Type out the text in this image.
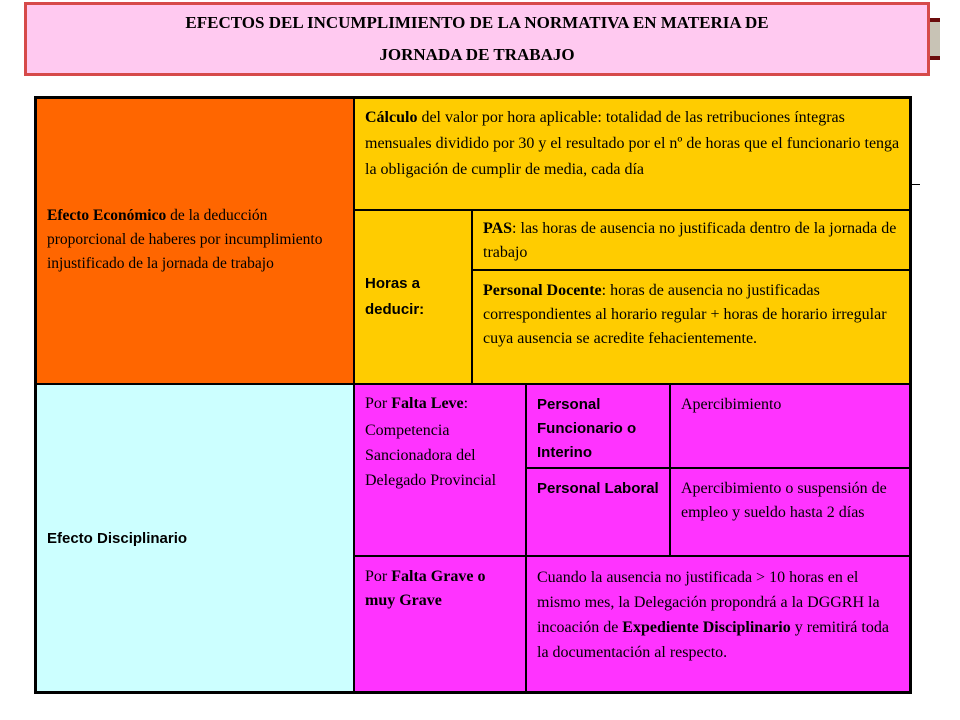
EFECTOS DEL INCUMPLIMIENTO DE LA NORMATIVA EN MATERIA DE
JORNADA DE TRABAJO
Efecto Económico de la deducción proporcional de haberes por incumplimiento injustificado de la jornada de trabajo
Cálculo del valor por hora aplicable: totalidad de las retribuciones íntegras mensuales dividido por 30 y el resultado por el nº de horas que el funcionario tenga la obligación de cumplir de media, cada día
Horas a deducir:
PAS: las horas de ausencia no justificada dentro de la jornada de trabajo
Personal Docente: horas de ausencia no justificadas correspondientes al horario regular + horas de horario irregular cuya ausencia se acredite fehacientemente.
Efecto Disciplinario
Por Falta Leve:
Competencia Sancionadora del Delegado Provincial
Personal Funcionario o Interino
Apercibimiento
Personal Laboral	Apercibimiento o suspensión de empleo y sueldo hasta 2 días
Por Falta Grave o muy Grave
Cuando la ausencia no justificada > 10 horas en el mismo mes, la Delegación propondrá a la DGGRH la incoación de Expediente Disciplinario y remitirá toda la documentación al respecto.
